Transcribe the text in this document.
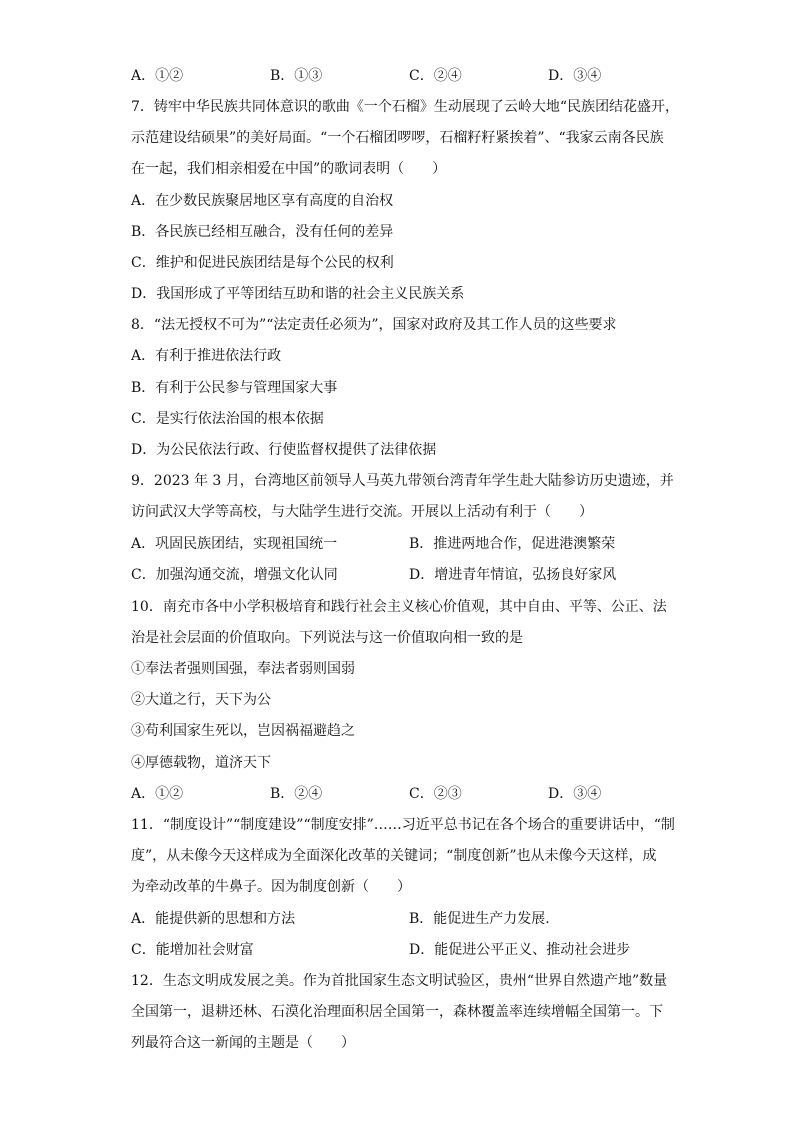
A．①②	B．①③	C．②④	D．③④
7．铸牢中华民族共同体意识的歌曲《一个石榴》生动展现了云岭大地“民族团结花盛开，
示范建设结硕果”的美好局面。“一个石榴团啰啰，石榴籽籽紧挨着”、“我家云南各民族
在一起，我们相亲相爱在中国”的歌词表明（　　）
A．在少数民族聚居地区享有高度的自治权
B．各民族已经相互融合，没有任何的差异
C．维护和促进民族团结是每个公民的权利
D．我国形成了平等团结互助和谐的社会主义民族关系
8．“法无授权不可为”“法定责任必须为”，国家对政府及其工作人员的这些要求
A．有利于推进依法行政
B．有利于公民参与管理国家大事
C．是实行依法治国的根本依据
D．为公民依法行政、行使监督权提供了法律依据
9．2023 年 3 月，台湾地区前领导人马英九带领台湾青年学生赴大陆参访历史遗迹，并
访问武汉大学等高校，与大陆学生进行交流。开展以上活动有利于（　　）
A．巩固民族团结，实现祖国统一	B．推进两地合作，促进港澳繁荣
C．加强沟通交流，增强文化认同	D．增进青年情谊，弘扬良好家风
10．南充市各中小学积极培育和践行社会主义核心价值观，其中自由、平等、公正、法
治是社会层面的价值取向。下列说法与这一价值取向相一致的是
①奉法者强则国强，奉法者弱则国弱
②大道之行，天下为公
③苟利国家生死以，岂因祸福避趋之
④厚德载物，道济天下
A．①②	B．②④	C．②③	D．③④
11．“制度设计”“制度建设”“制度安排”……习近平总书记在各个场合的重要讲话中，“制
度”，从未像今天这样成为全面深化改革的关键词；“制度创新”也从未像今天这样，成
为牵动改革的牛鼻子。因为制度创新（　　）
A．能提供新的思想和方法	B．能促进生产力发展.
C．能增加社会财富	D．能促进公平正义、推动社会进步
12．生态文明成发展之美。作为首批国家生态文明试验区，贵州“世界自然遗产地”数量
全国第一，退耕还林、石漠化治理面积居全国第一，森林覆盖率连续增幅全国第一。下
列最符合这一新闻的主题是（　　）
